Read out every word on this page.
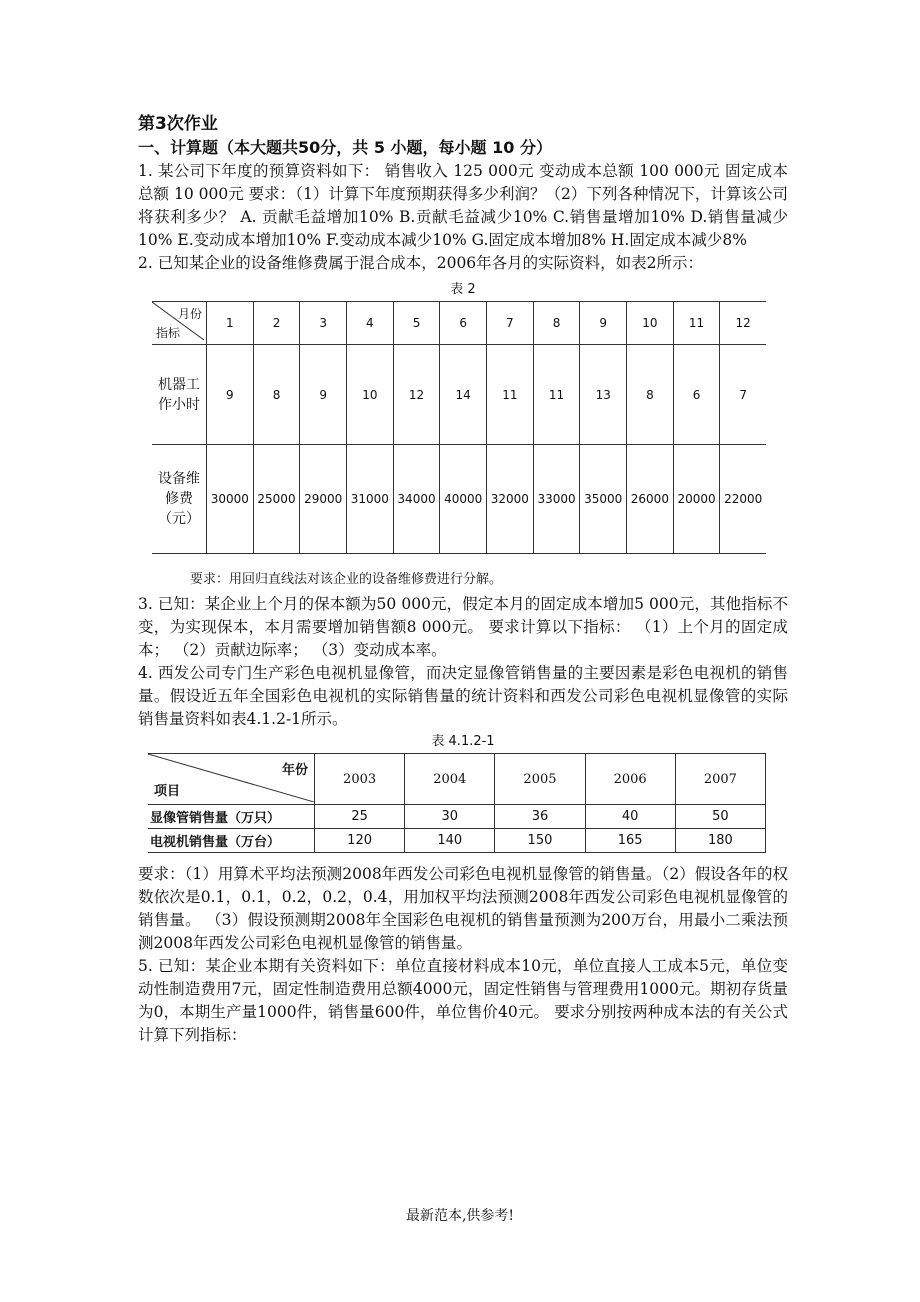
第3次作业

一、计算题（本大题共50分，共 5 小题，每小题 10 分）

1. 某公司下年度的预算资料如下： 销售收入 125 000元 变动成本总额 100 000元 固定成本总额 10 000元 要求：（1）计算下年度预期获得多少利润？（2）下列各种情况下，计算该公司将获利多少？ A. 贡献毛益增加10% B.贡献毛益减少10% C.销售量增加10% D.销售量减少10% E.变动成本增加10% F.变动成本减少10% G.固定成本增加8% H.固定成本减少8%

2. 已知某企业的设备维修费属于混合成本，2006年各月的实际资料，如表2所示：

表 2
月份
指标	1	2	3	4	5	6	7	8	9	10	11	12
机器工作小时	9	8	9	10	12	14	11	11	13	8	6	7
设备维修费（元）	30000	25000	29000	31000	34000	40000	32000	33000	35000	26000	20000	22000

要求：用回归直线法对该企业的设备维修费进行分解。

3. 已知：某企业上个月的保本额为50 000元，假定本月的固定成本增加5 000元，其他指标不变，为实现保本，本月需要增加销售额8 000元。 要求计算以下指标： （1）上个月的固定成本； （2）贡献边际率； （3）变动成本率。

4. 西发公司专门生产彩色电视机显像管，而决定显像管销售量的主要因素是彩色电视机的销售量。假设近五年全国彩色电视机的实际销售量的统计资料和西发公司彩色电视机显像管的实际销售量资料如表4.1.2-1所示。

表 4.1.2-1
年份
项目	2003	2004	2005	2006	2007
显像管销售量（万只）	25	30	36	40	50
电视机销售量（万台）	120	140	150	165	180

要求：（1）用算术平均法预测2008年西发公司彩色电视机显像管的销售量。（2）假设各年的权数依次是0.1，0.1，0.2，0.2，0.4，用加权平均法预测2008年西发公司彩色电视机显像管的销售量。 （3）假设预测期2008年全国彩色电视机的销售量预测为200万台，用最小二乘法预测2008年西发公司彩色电视机显像管的销售量。

5. 已知：某企业本期有关资料如下：单位直接材料成本10元，单位直接人工成本5元，单位变动性制造费用7元，固定性制造费用总额4000元，固定性销售与管理费用1000元。期初存货量为0，本期生产量1000件，销售量600件，单位售价40元。 要求分别按两种成本法的有关公式计算下列指标：

最新范本,供参考!
